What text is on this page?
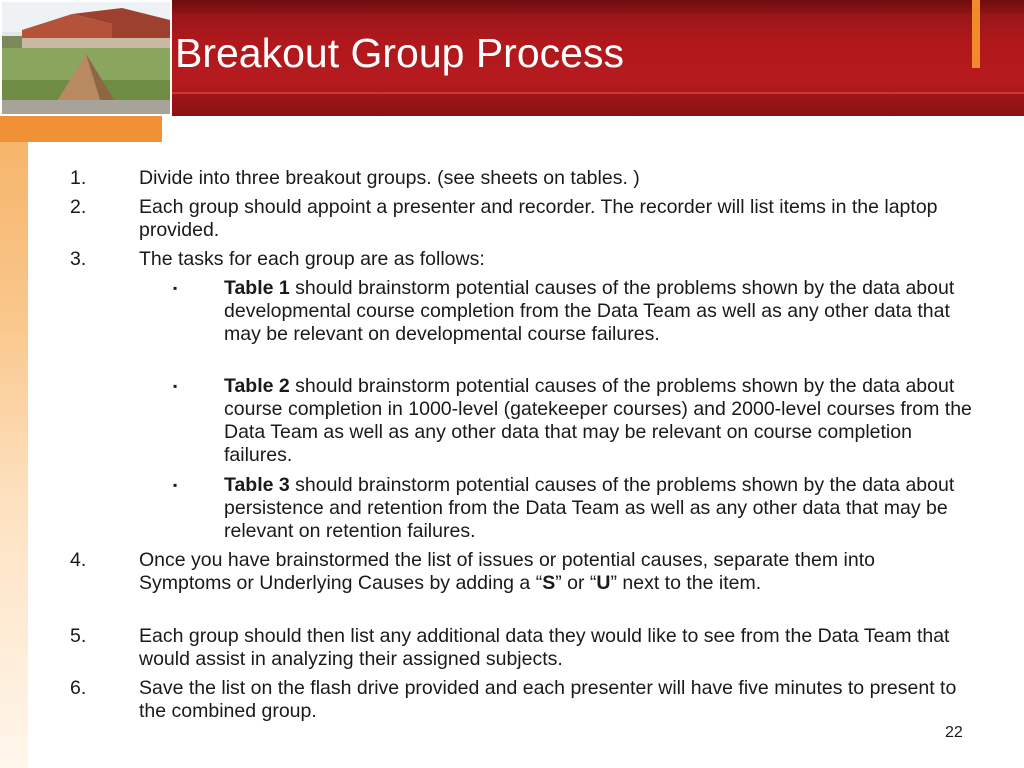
Breakout Group Process
1.	Divide into three breakout groups. (see sheets on tables. )
2.	Each group should appoint a presenter and recorder. The recorder will list items in the laptop provided.
3.	The tasks for each group are as follows:
▪ Table 1 should brainstorm potential causes of the problems shown by the data about developmental course completion from the Data Team as well as any other data that may be relevant on developmental course failures.
▪ Table 2 should brainstorm potential causes of the problems shown by the data about course completion in 1000-level (gatekeeper courses) and 2000-level courses from the Data Team as well as any other data that may be relevant on course completion failures.
▪ Table 3 should brainstorm potential causes of the problems shown by the data about persistence and retention from the Data Team as well as any other data that may be relevant on retention failures.
4.	Once you have brainstormed the list of issues or potential causes, separate them into Symptoms or Underlying Causes by adding a “S” or “U” next to the item.
5.	Each group should then list any additional data they would like to see from the Data Team that would assist in analyzing their assigned subjects.
6.	Save the list on the flash drive provided and each presenter will have five minutes to present to the combined group.
22
